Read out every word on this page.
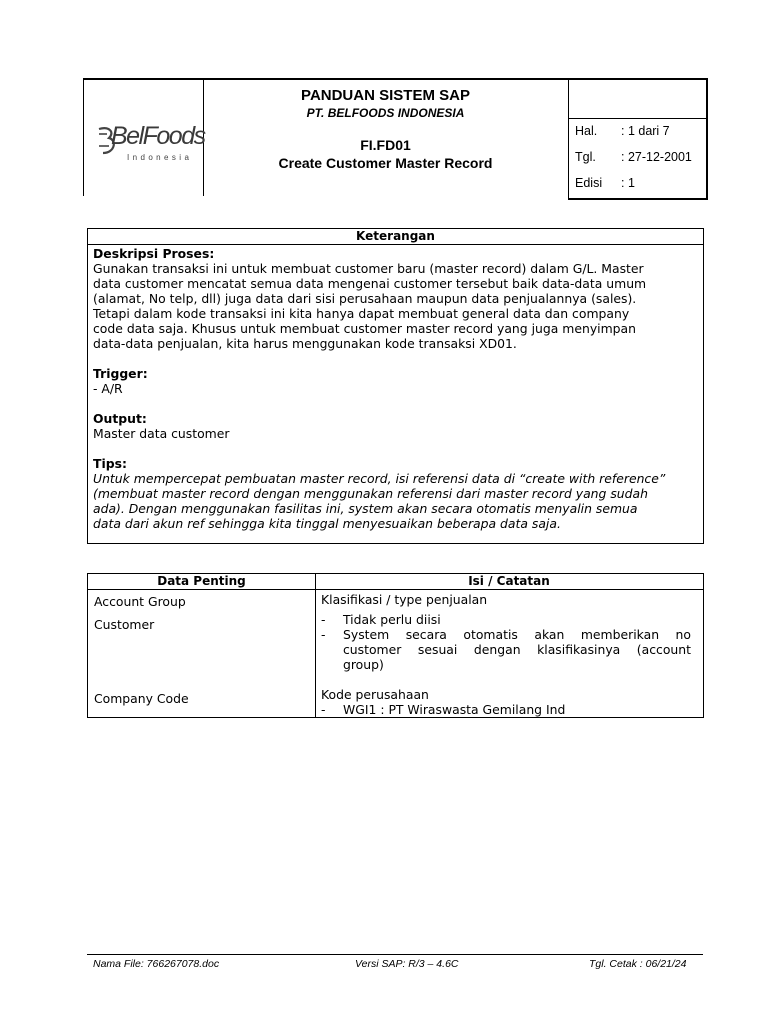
BelFoods
Indonesia
PANDUAN SISTEM SAP
PT. BELFOODS INDONESIA
FI.FD01
Create Customer Master Record
Hal. : 1 dari 7
Tgl. : 27-12-2001
Edisi : 1
Keterangan
Deskripsi Proses:
Gunakan transaksi ini untuk membuat customer baru (master record) dalam G/L. Master
data customer mencatat semua data mengenai customer tersebut baik data-data umum
(alamat, No telp, dll) juga data dari sisi perusahaan maupun data penjualannya (sales).
Tetapi dalam kode transaksi ini kita hanya dapat membuat general data dan company
code data saja. Khusus untuk membuat customer master record yang juga menyimpan
data-data penjualan, kita harus menggunakan kode transaksi XD01.
Trigger:
- A/R
Output:
Master data customer
Tips:
Untuk mempercepat pembuatan master record, isi referensi data di “create with reference”
(membuat master record dengan menggunakan referensi dari master record yang sudah
ada). Dengan menggunakan fasilitas ini, system akan secara otomatis menyalin semua
data dari akun ref sehingga kita tinggal menyesuaikan beberapa data saja.
Data Penting	Isi / Catatan
Account Group	Klasifikasi / type penjualan
Customer	- Tidak perlu diisi
- System secara otomatis akan memberikan no
customer sesuai dengan klasifikasinya (account
group)
Company Code	Kode perusahaan
- WGI1 : PT Wiraswasta Gemilang Ind
Nama File: 766267078.doc	Versi SAP: R/3 – 4.6C	Tgl. Cetak : 06/21/24
